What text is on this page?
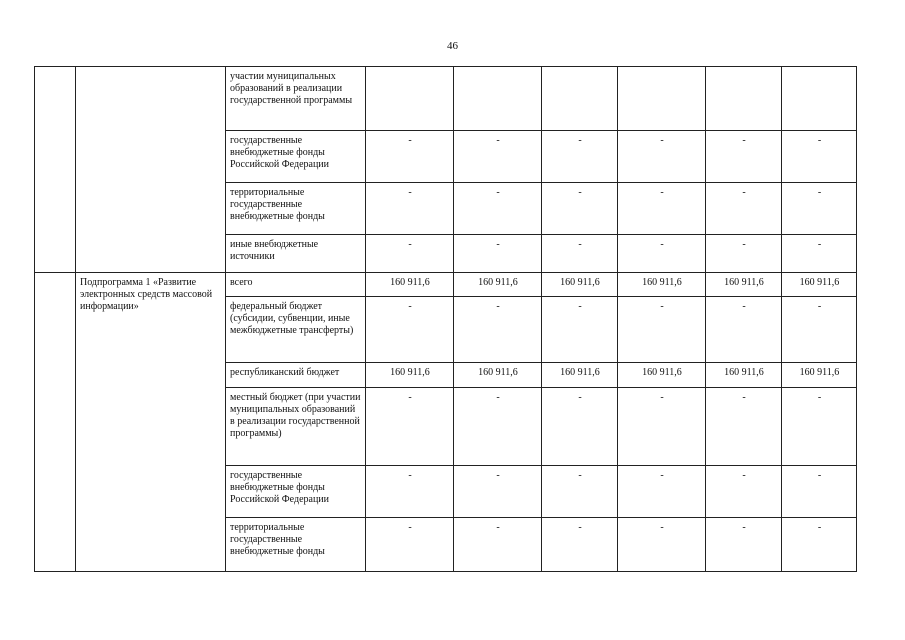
46
		участии муниципальных образований в реализации государственной программы						
		государственные внебюджетные фонды Российской Федерации	-	-	-	-	-	-
		территориальные государственные внебюджетные фонды	-	-	-	-	-	-
		иные внебюджетные источники	-	-	-	-	-	-
	Подпрограмма 1 «Развитие электронных средств массовой информации»	всего	160 911,6	160 911,6	160 911,6	160 911,6	160 911,6	160 911,6
		федеральный бюджет (субсидии, субвенции, иные межбюджетные трансферты)	-	-	-	-	-	-
		республиканский бюджет	160 911,6	160 911,6	160 911,6	160 911,6	160 911,6	160 911,6
		местный бюджет (при участии муниципальных образований в реализации государственной программы)	-	-	-	-	-	-
		государственные внебюджетные фонды Российской Федерации	-	-	-	-	-	-
		территориальные государственные внебюджетные фонды	-	-	-	-	-	-
